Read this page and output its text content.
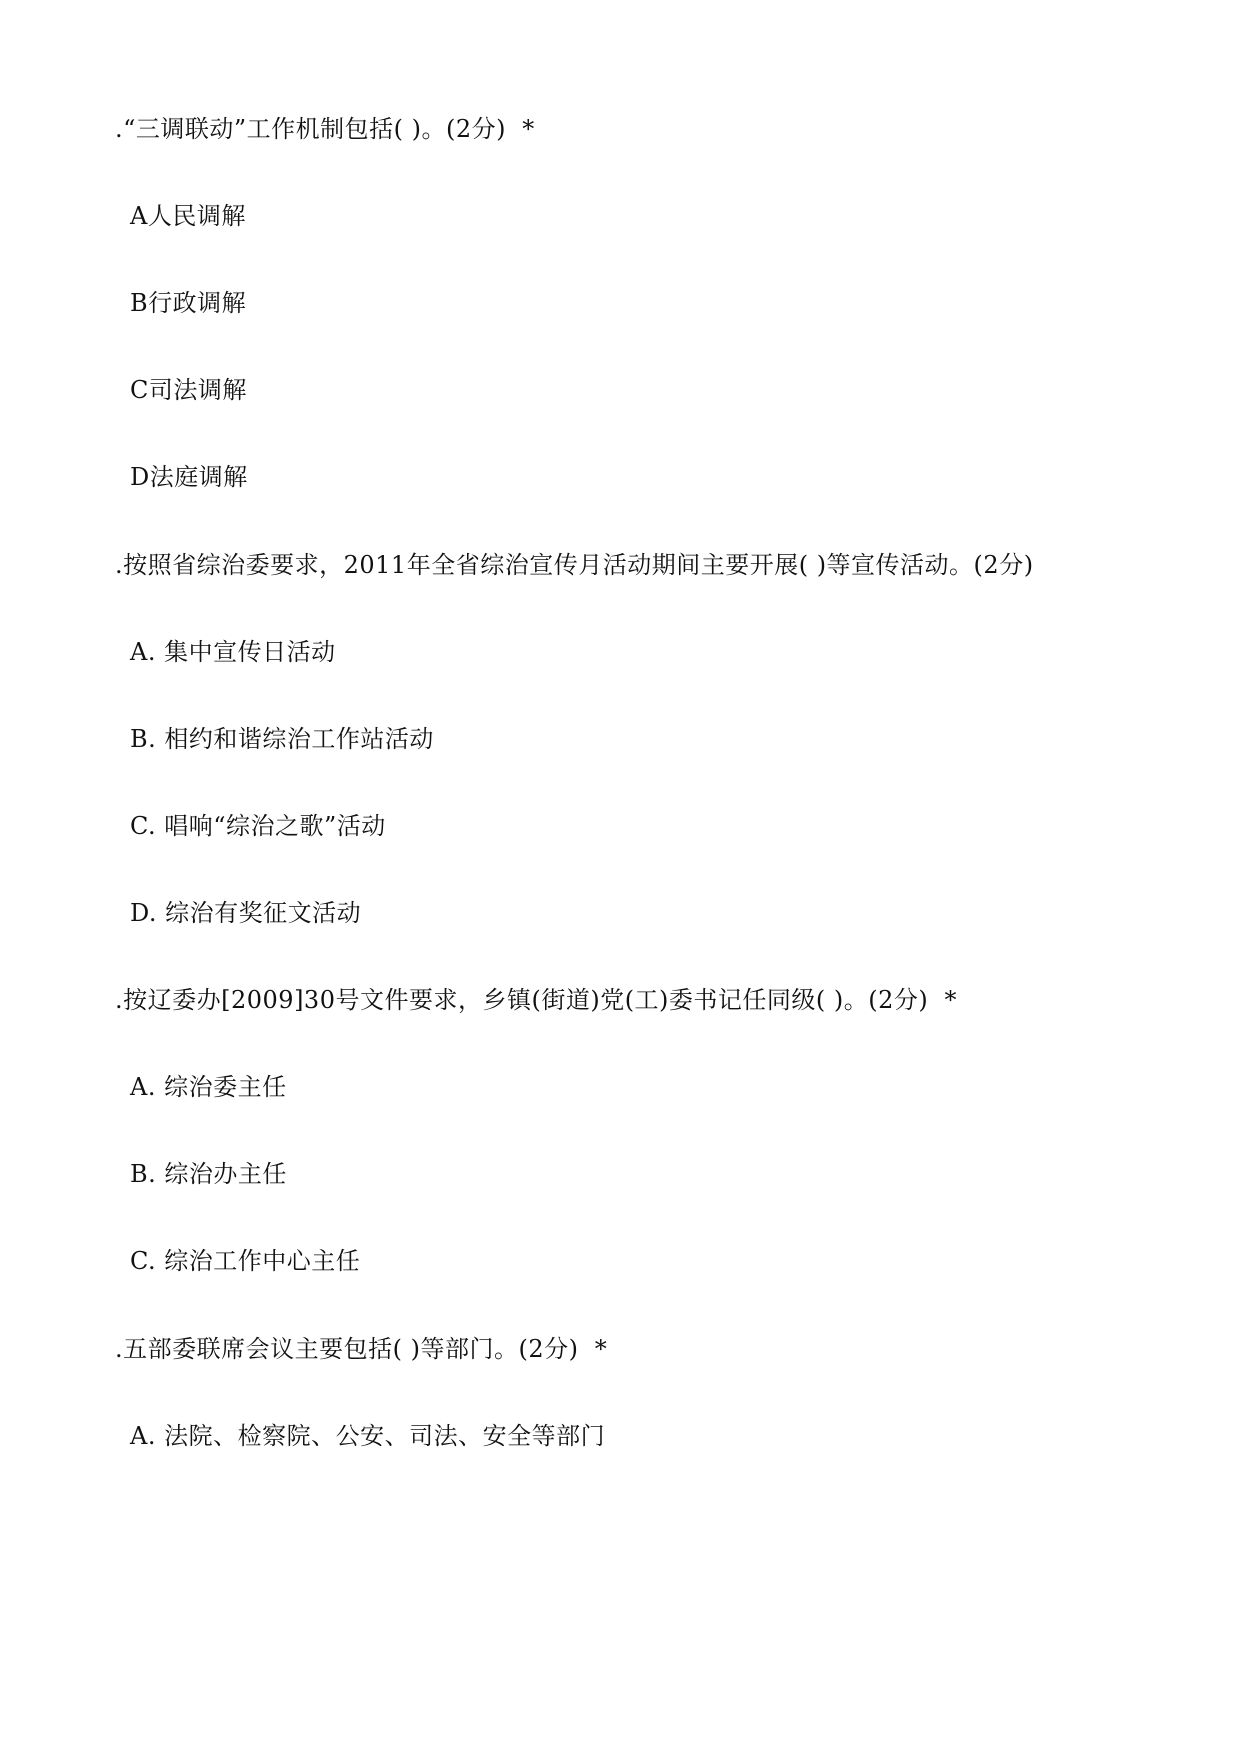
.“三调联动”工作机制包括( )。(2分)  *
A人民调解
B行政调解
C司法调解
D法庭调解
.按照省综治委要求，2011年全省综治宣传月活动期间主要开展( )等宣传活动。(2分)
A. 集中宣传日活动
B. 相约和谐综治工作站活动
C. 唱响“综治之歌”活动
D. 综治有奖征文活动
.按辽委办[2009]30号文件要求，乡镇(街道)党(工)委书记任同级( )。(2分)  *
A. 综治委主任
B. 综治办主任
C. 综治工作中心主任
.五部委联席会议主要包括( )等部门。(2分)  *
A. 法院、检察院、公安、司法、安全等部门
